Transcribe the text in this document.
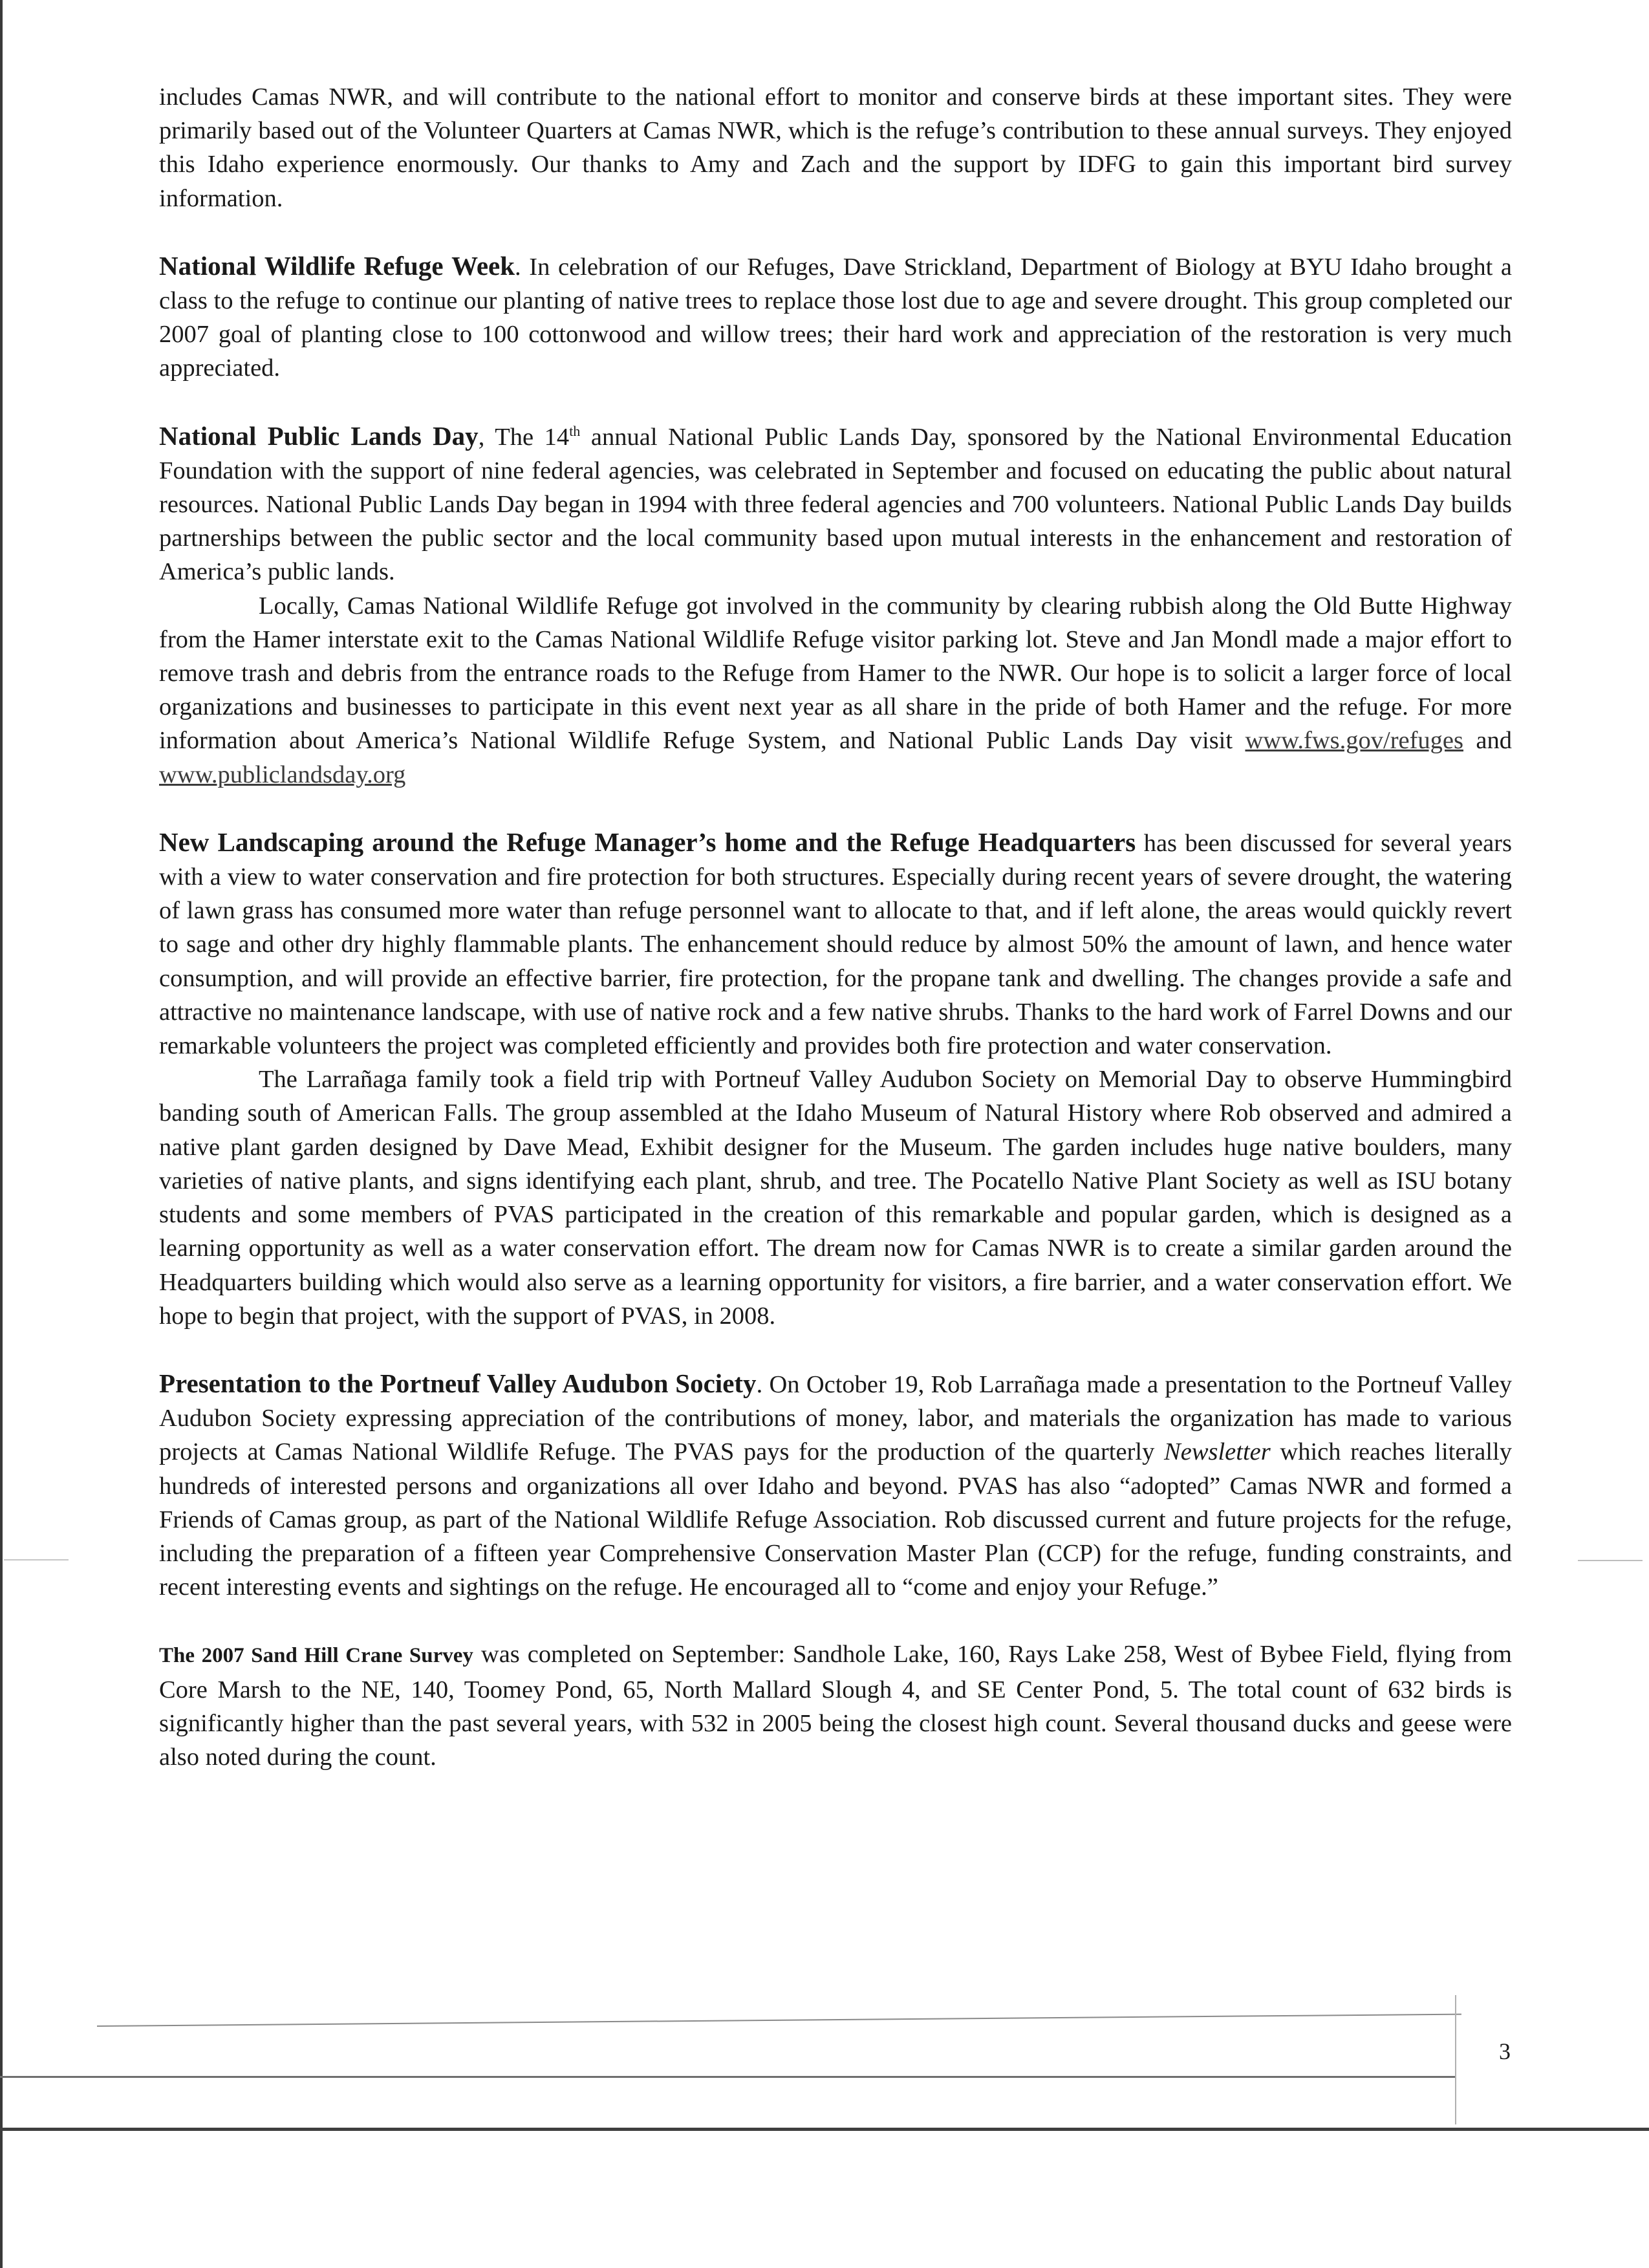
includes Camas NWR, and will contribute to the national effort to monitor and conserve birds at these important sites. They were primarily based out of the Volunteer Quarters at Camas NWR, which is the refuge’s contribution to these annual surveys. They enjoyed this Idaho experience enormously. Our thanks to Amy and Zach and the support by IDFG to gain this important bird survey information.

National Wildlife Refuge Week. In celebration of our Refuges, Dave Strickland, Department of Biology at BYU Idaho brought a class to the refuge to continue our planting of native trees to replace those lost due to age and severe drought. This group completed our 2007 goal of planting close to 100 cottonwood and willow trees; their hard work and appreciation of the restoration is very much appreciated.

National Public Lands Day, The 14th annual National Public Lands Day, sponsored by the National Environmental Education Foundation with the support of nine federal agencies, was celebrated in September and focused on educating the public about natural resources. National Public Lands Day began in 1994 with three federal agencies and 700 volunteers. National Public Lands Day builds partnerships between the public sector and the local community based upon mutual interests in the enhancement and restoration of America’s public lands.

Locally, Camas National Wildlife Refuge got involved in the community by clearing rubbish along the Old Butte Highway from the Hamer interstate exit to the Camas National Wildlife Refuge visitor parking lot. Steve and Jan Mondl made a major effort to remove trash and debris from the entrance roads to the Refuge from Hamer to the NWR. Our hope is to solicit a larger force of local organizations and businesses to participate in this event next year as all share in the pride of both Hamer and the refuge. For more information about America’s National Wildlife Refuge System, and National Public Lands Day visit www.fws.gov/refuges and www.publiclandsday.org

New Landscaping around the Refuge Manager’s home and the Refuge Headquarters has been discussed for several years with a view to water conservation and fire protection for both structures. Especially during recent years of severe drought, the watering of lawn grass has consumed more water than refuge personnel want to allocate to that, and if left alone, the areas would quickly revert to sage and other dry highly flammable plants. The enhancement should reduce by almost 50% the amount of lawn, and hence water consumption, and will provide an effective barrier, fire protection, for the propane tank and dwelling. The changes provide a safe and attractive no maintenance landscape, with use of native rock and a few native shrubs. Thanks to the hard work of Farrel Downs and our remarkable volunteers the project was completed efficiently and provides both fire protection and water conservation.

The Larrañaga family took a field trip with Portneuf Valley Audubon Society on Memorial Day to observe Hummingbird banding south of American Falls. The group assembled at the Idaho Museum of Natural History where Rob observed and admired a native plant garden designed by Dave Mead, Exhibit designer for the Museum. The garden includes huge native boulders, many varieties of native plants, and signs identifying each plant, shrub, and tree. The Pocatello Native Plant Society as well as ISU botany students and some members of PVAS participated in the creation of this remarkable and popular garden, which is designed as a learning opportunity as well as a water conservation effort. The dream now for Camas NWR is to create a similar garden around the Headquarters building which would also serve as a learning opportunity for visitors, a fire barrier, and a water conservation effort. We hope to begin that project, with the support of PVAS, in 2008.

Presentation to the Portneuf Valley Audubon Society. On October 19, Rob Larrañaga made a presentation to the Portneuf Valley Audubon Society expressing appreciation of the contributions of money, labor, and materials the organization has made to various projects at Camas National Wildlife Refuge. The PVAS pays for the production of the quarterly Newsletter which reaches literally hundreds of interested persons and organizations all over Idaho and beyond. PVAS has also “adopted” Camas NWR and formed a Friends of Camas group, as part of the National Wildlife Refuge Association. Rob discussed current and future projects for the refuge, including the preparation of a fifteen year Comprehensive Conservation Master Plan (CCP) for the refuge, funding constraints, and recent interesting events and sightings on the refuge. He encouraged all to “come and enjoy your Refuge.”

The 2007 Sand Hill Crane Survey was completed on September: Sandhole Lake, 160, Rays Lake 258, West of Bybee Field, flying from Core Marsh to the NE, 140, Toomey Pond, 65, North Mallard Slough 4, and SE Center Pond, 5. The total count of 632 birds is significantly higher than the past several years, with 532 in 2005 being the closest high count. Several thousand ducks and geese were also noted during the count.

3
